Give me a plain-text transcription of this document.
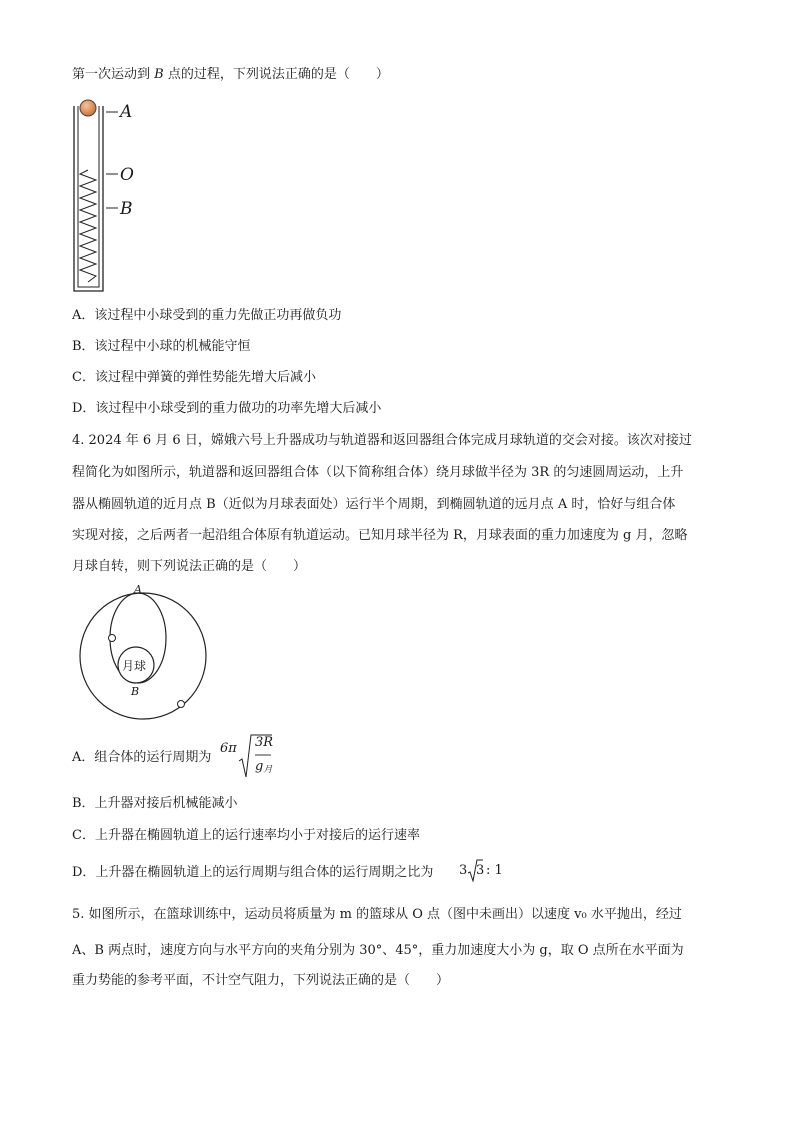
第一次运动到 B 点的过程，下列说法正确的是（　　）
A
O
B
A．该过程中小球受到的重力先做正功再做负功
B．该过程中小球的机械能守恒
C．该过程中弹簧的弹性势能先增大后减小
D．该过程中小球受到的重力做功的功率先增大后减小
4. 2024 年 6 月 6 日，嫦娥六号上升器成功与轨道器和返回器组合体完成月球轨道的交会对接。该次对接过
程简化为如图所示，轨道器和返回器组合体（以下简称组合体）绕月球做半径为 3R 的匀速圆周运动，上升
器从椭圆轨道的近月点 B（近似为月球表面处）运行半个周期，到椭圆轨道的远月点 A 时，恰好与组合体
实现对接，之后两者一起沿组合体原有轨道运动。已知月球半径为 R，月球表面的重力加速度为 g 月，忽略
月球自转，则下列说法正确的是（　　）
A
B
月球
A．组合体的运行周期为
6π 3R
$g_月$
B．上升器对接后机械能减小
C．上升器在椭圆轨道上的运行速率均小于对接后的运行速率
D．上升器在椭圆轨道上的运行周期与组合体的运行周期之比为 3 3 : 1
5. 如图所示，在篮球训练中，运动员将质量为 m 的篮球从 O 点（图中未画出）以速度 v₀ 水平抛出，经过
A、B 两点时，速度方向与水平方向的夹角分别为 30°、45°，重力加速度大小为 g，取 O 点所在水平面为
重力势能的参考平面，不计空气阻力，下列说法正确的是（　　）
